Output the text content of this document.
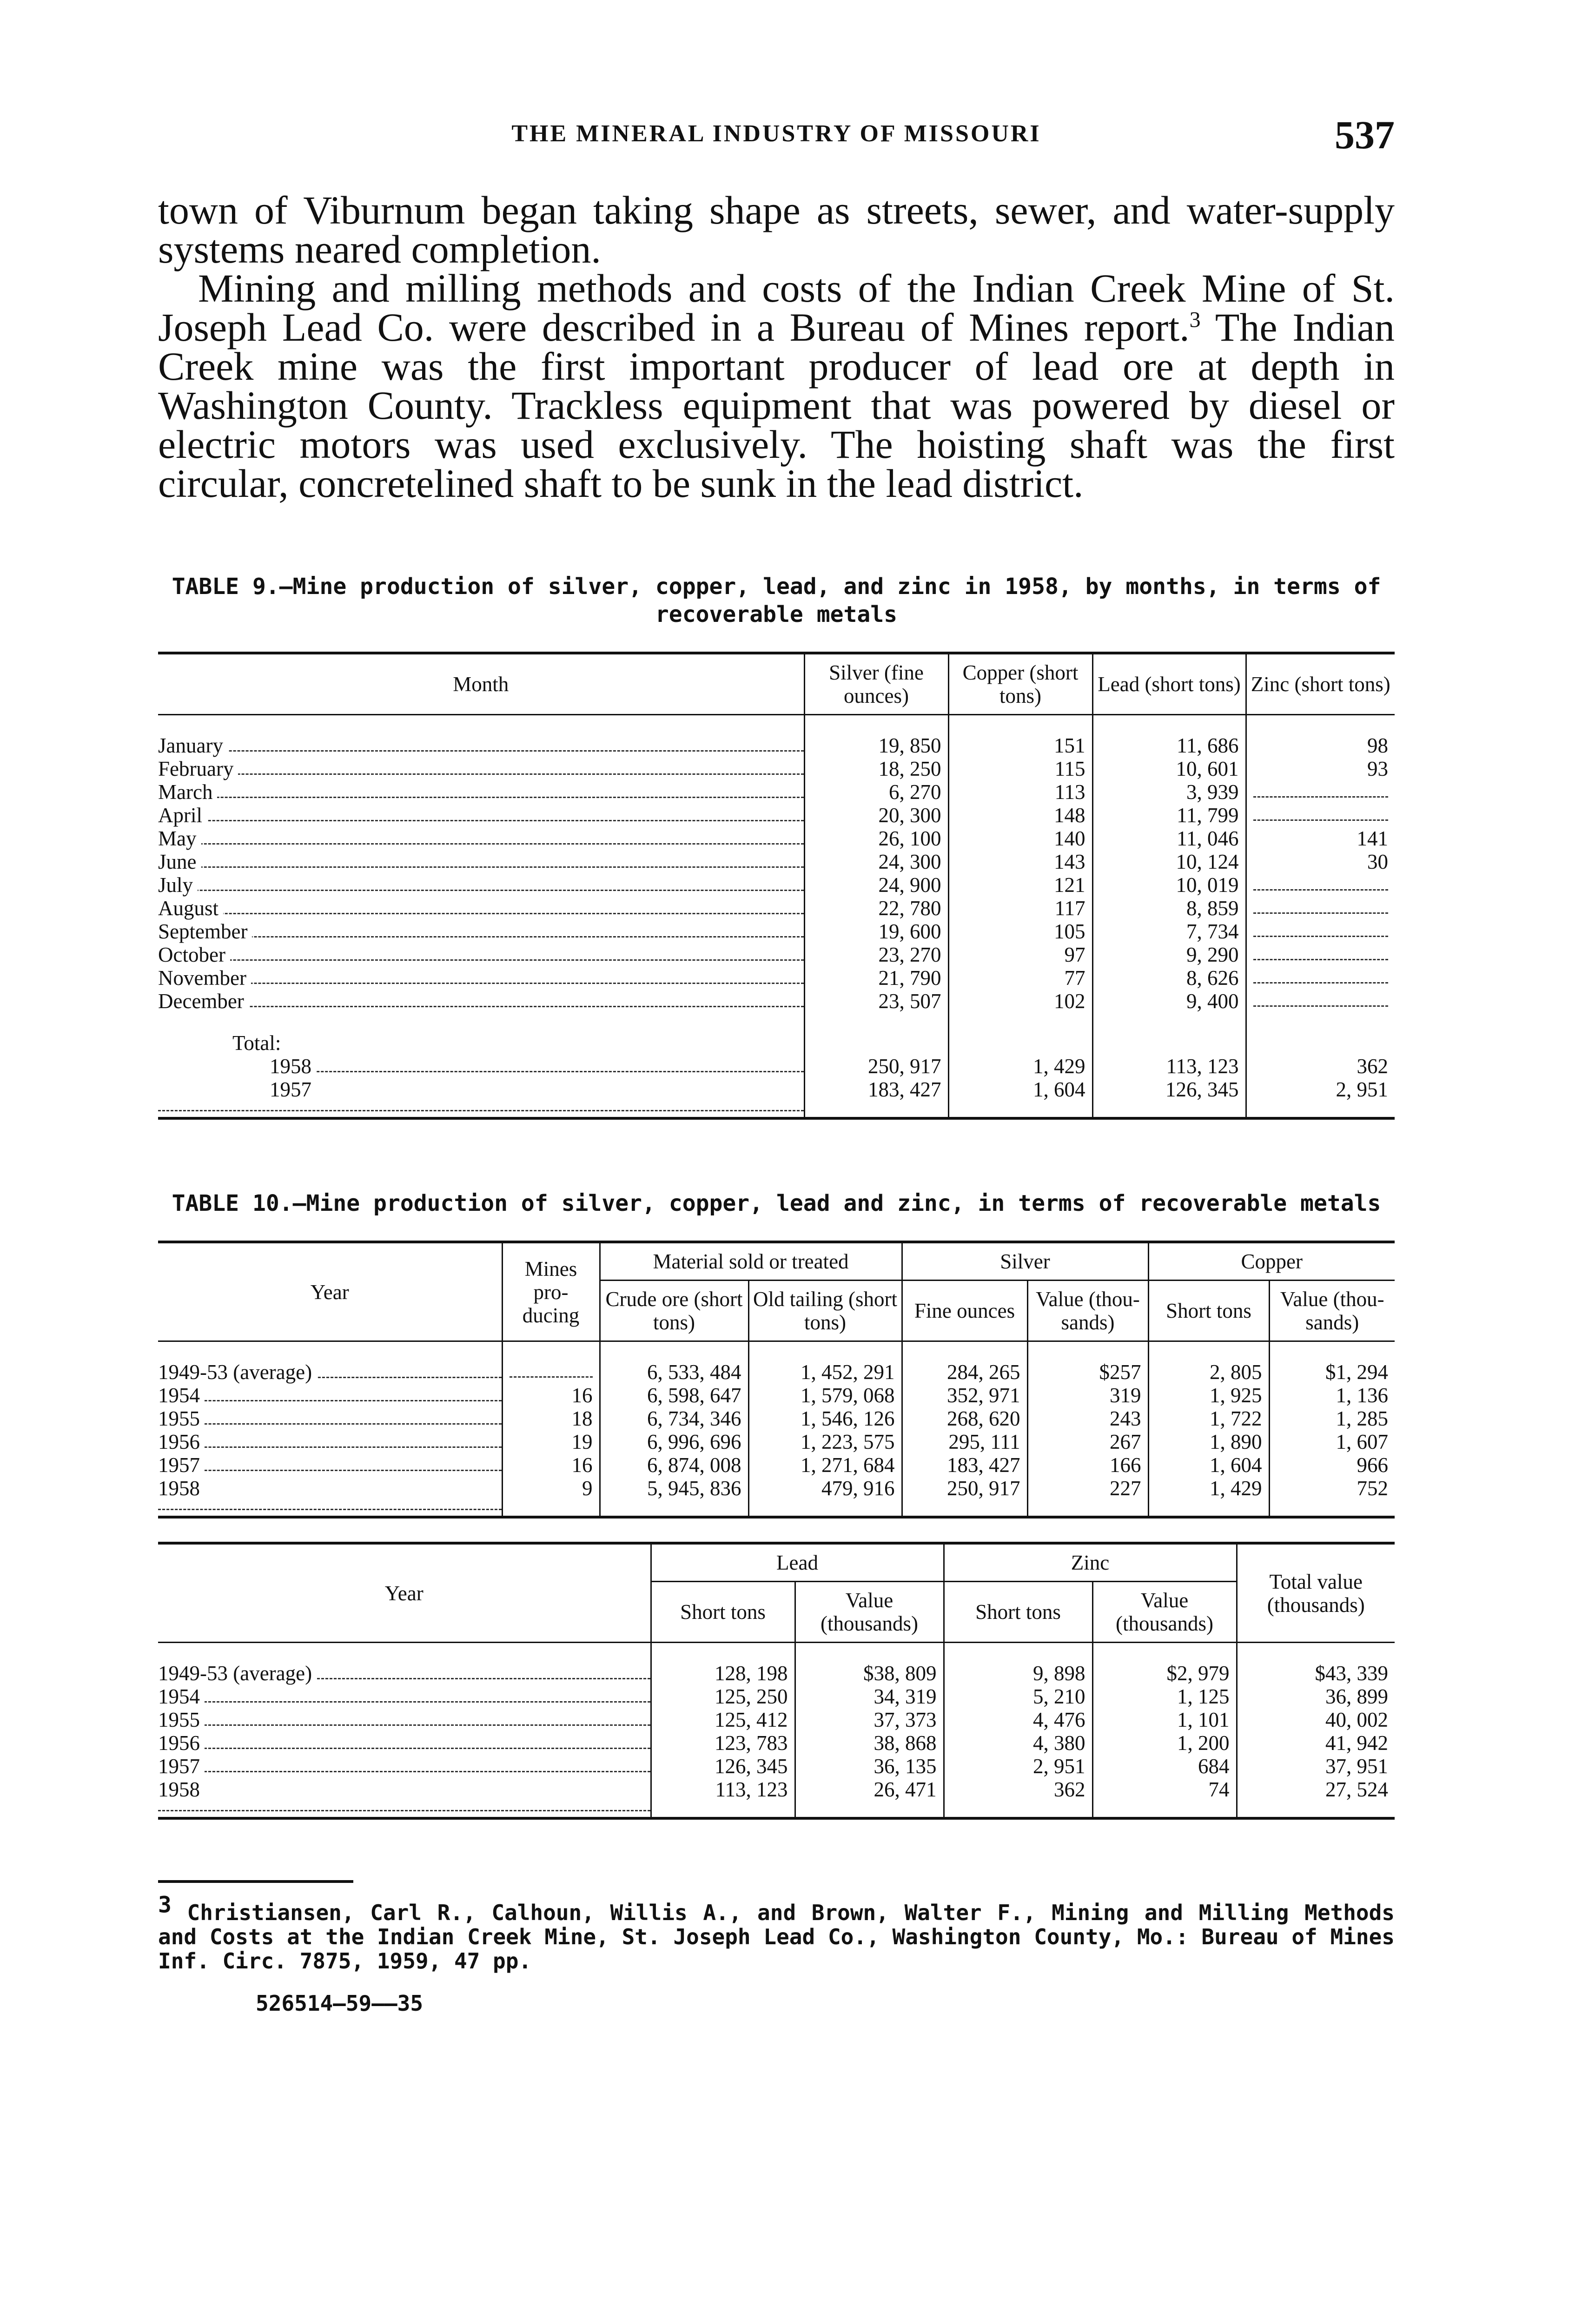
THE MINERAL INDUSTRY OF MISSOURI	537

town of Viburnum began taking shape as streets, sewer, and water-supply systems neared completion.

Mining and milling methods and costs of the Indian Creek Mine of St. Joseph Lead Co. were described in a Bureau of Mines report.$^3$ The Indian Creek mine was the first important producer of lead ore at depth in Washington County. Trackless equipment that was powered by diesel or electric motors was used exclusively. The hoisting shaft was the first circular, concretelined shaft to be sunk in the lead district.

TABLE 9.—Mine production of silver, copper, lead, and zinc in 1958, by months, in terms of recoverable metals
Month	Silver (fine ounces)	Copper (short tons)	Lead (short tons)	Zinc (short tons)

January	19, 850	151	11, 686	98

February	18, 250	115	10, 601	93

March	6, 270	113	3, 939	

April	20, 300	148	11, 799	

May	26, 100	140	11, 046	141

June	24, 300	143	10, 124	30

July	24, 900	121	10, 019	

August	22, 780	117	8, 859	

September	19, 600	105	7, 734	

October	23, 270	97	9, 290	

November	21, 790	77	8, 626	

December	23, 507	102	9, 400	

Total:				

1958	250, 917	1, 429	113, 123	362

1957	183, 427	1, 604	126, 345	2, 951
TABLE 10.—Mine production of silver, copper, lead and zinc, in terms of recoverable metals
Year	Mines pro-ducing	Material sold or treated		Silver		Copper	
		Crude ore (short tons)	Old tailing (short tons)	Fine ounces	Value (thou-sands)	Short tons	Value (thou-sands)

1949-53 (average)		6, 533, 484	1, 452, 291	284, 265	$257	2, 805	$1, 294

1954	16	6, 598, 647	1, 579, 068	352, 971	319	1, 925	1, 136

1955	18	6, 734, 346	1, 546, 126	268, 620	243	1, 722	1, 285

1956	19	6, 996, 696	1, 223, 575	295, 111	267	1, 890	1, 607

1957	16	6, 874, 008	1, 271, 684	183, 427	166	1, 604	966

1958	9	5, 945, 836	479, 916	250, 917	227	1, 429	752
Year	Lead		Zinc		Total value (thousands)
	Short tons	Value (thousands)	Short tons	Value (thousands)	

1949-53 (average)	128, 198	$38, 809	9, 898	$2, 979	$43, 339

1954	125, 250	34, 319	5, 210	1, 125	36, 899

1955	125, 412	37, 373	4, 476	1, 101	40, 002

1956	123, 783	38, 868	4, 380	1, 200	41, 942

1957	126, 345	36, 135	2, 951	684	37, 951

1958	113, 123	26, 471	362	74	27, 524
$^3$ Christiansen, Carl R., Calhoun, Willis A., and Brown, Walter F., Mining and Milling Methods and Costs at the Indian Creek Mine, St. Joseph Lead Co., Washington County, Mo.: Bureau of Mines Inf. Circ. 7875, 1959, 47 pp.
526514—59——35
